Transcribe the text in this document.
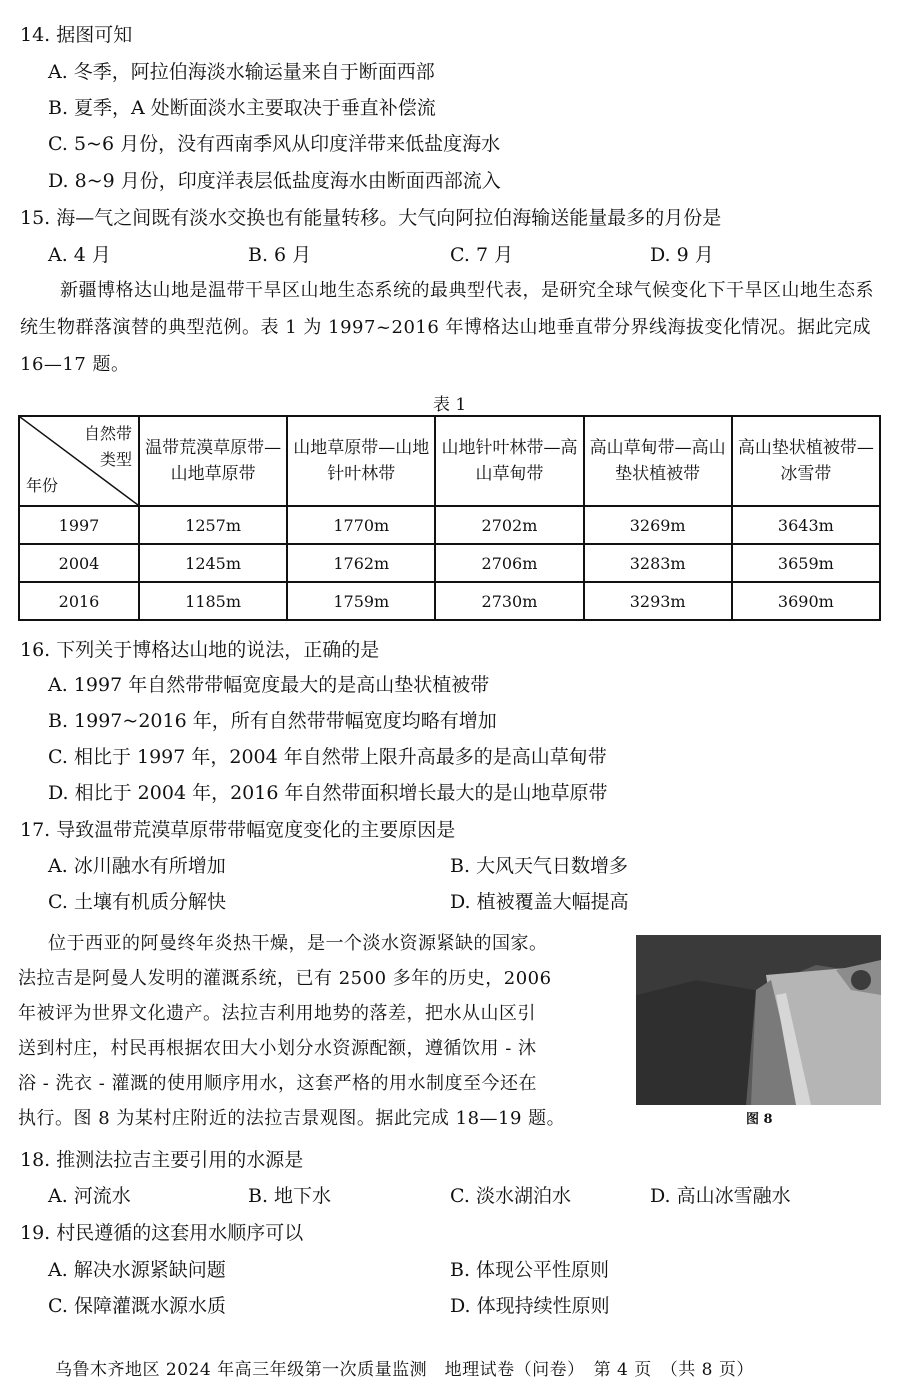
14. 据图可知
A. 冬季，阿拉伯海淡水输运量来自于断面西部
B. 夏季，A 处断面淡水主要取决于垂直补偿流
C. 5~6 月份，没有西南季风从印度洋带来低盐度海水
D. 8~9 月份，印度洋表层低盐度海水由断面西部流入
15. 海—气之间既有淡水交换也有能量转移。大气向阿拉伯海输送能量最多的月份是
A. 4 月	B. 6 月	C. 7 月	D. 9 月
新疆博格达山地是温带干旱区山地生态系统的最典型代表，是研究全球气候变化下干旱区山地生态系统生物群落演替的典型范例。表 1 为 1997~2016 年博格达山地垂直带分界线海拔变化情况。据此完成 16—17 题。
表 1
自然带
类型
年份	温带荒漠草原带—山地草原带	山地草原带—山地针叶林带	山地针叶林带—高山草甸带	高山草甸带—高山垫状植被带	高山垫状植被带—冰雪带
1997	1257m	1770m	2702m	3269m	3643m
2004	1245m	1762m	2706m	3283m	3659m
2016	1185m	1759m	2730m	3293m	3690m
16. 下列关于博格达山地的说法，正确的是
A. 1997 年自然带带幅宽度最大的是高山垫状植被带
B. 1997~2016 年，所有自然带带幅宽度均略有增加
C. 相比于 1997 年，2004 年自然带上限升高最多的是高山草甸带
D. 相比于 2004 年，2016 年自然带面积增长最大的是山地草原带
17. 导致温带荒漠草原带带幅宽度变化的主要原因是
A. 冰川融水有所增加	B. 大风天气日数增多
C. 土壤有机质分解快	D. 植被覆盖大幅提高
位于西亚的阿曼终年炎热干燥，是一个淡水资源紧缺的国家。
法拉吉是阿曼人发明的灌溉系统，已有 2500 多年的历史，2006
年被评为世界文化遗产。法拉吉利用地势的落差，把水从山区引
送到村庄，村民再根据农田大小划分水资源配额，遵循饮用 - 沐
浴 - 洗衣 - 灌溉的使用顺序用水，这套严格的用水制度至今还在
执行。图 8 为某村庄附近的法拉吉景观图。据此完成 18—19 题。	图 8
18. 推测法拉吉主要引用的水源是
A. 河流水	B. 地下水	C. 淡水湖泊水	D. 高山冰雪融水
19. 村民遵循的这套用水顺序可以
A. 解决水源紧缺问题	B. 体现公平性原则
C. 保障灌溉水源水质	D. 体现持续性原则
乌鲁木齐地区 2024 年高三年级第一次质量监测　地理试卷（问卷）　第 4 页　（共 8 页）
